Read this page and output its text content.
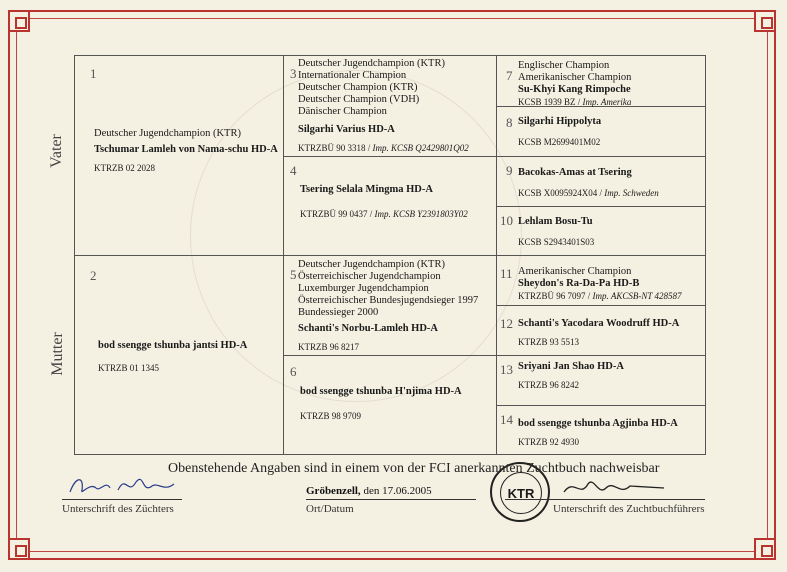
Vater
Mutter
1
Deutscher Jugendchampion (KTR)
Tschumar Lamleh von Nama-schu HD-A
KTRZB 02 2028
2
bod ssengge tshunba jantsi HD-A
KTRZB 01 1345
3
Deutscher Jugendchampion (KTR)
Internationaler Champion
Deutscher Champion (KTR)
Deutscher Champion (VDH)
Dänischer Champion
Silgarhi Varius HD-A
KTRZBÜ 90 3318 / Imp. KCSB Q2429801Q02
4
Tsering Selala Mingma HD-A
KTRZBÜ 99 0437 / Imp. KCSB Y2391803Y02
5
Deutscher Jugendchampion (KTR)
Österreichischer Jugendchampion
Luxemburger Jugendchampion
Österreichischer Bundesjugendsieger 1997
Bundessieger 2000
Schanti's Norbu-Lamleh HD-A
KTRZB 96 8217
6
bod ssengge tshunba H'njima HD-A
KTRZB 98 9709
7
Englischer Champion
Amerikanischer Champion
Su-Khyi Kang Rimpoche
KCSB 1939 BZ / Imp. Amerika
8 Silgarhi Hippolyta
KCSB M2699401M02
9 Bacokas-Amas at Tsering
KCSB X0095924X04 / Imp. Schweden
10 Lehlam Bosu-Tu
KCSB S2943401S03
11 Amerikanischer Champion
Sheydon's Ra-Da-Pa HD-B
KTRZBÜ 96 7097 / Imp. AKCSB-NT 428587
12 Schanti's Yacodara Woodruff HD-A
KTRZB 93 5513
13 Sriyani Jan Shao HD-A
KTRZB 96 8242
14 bod ssengge tshunba Agjinba HD-A
KTRZB 92 4930
Obenstehende Angaben sind in einem von der FCI anerkannten Zuchtbuch nachweisbar
Unterschrift des Züchters
Gröbenzell, den 17.06.2005
Ort/Datum
KTR
Unterschrift des Zuchtbuchführers
